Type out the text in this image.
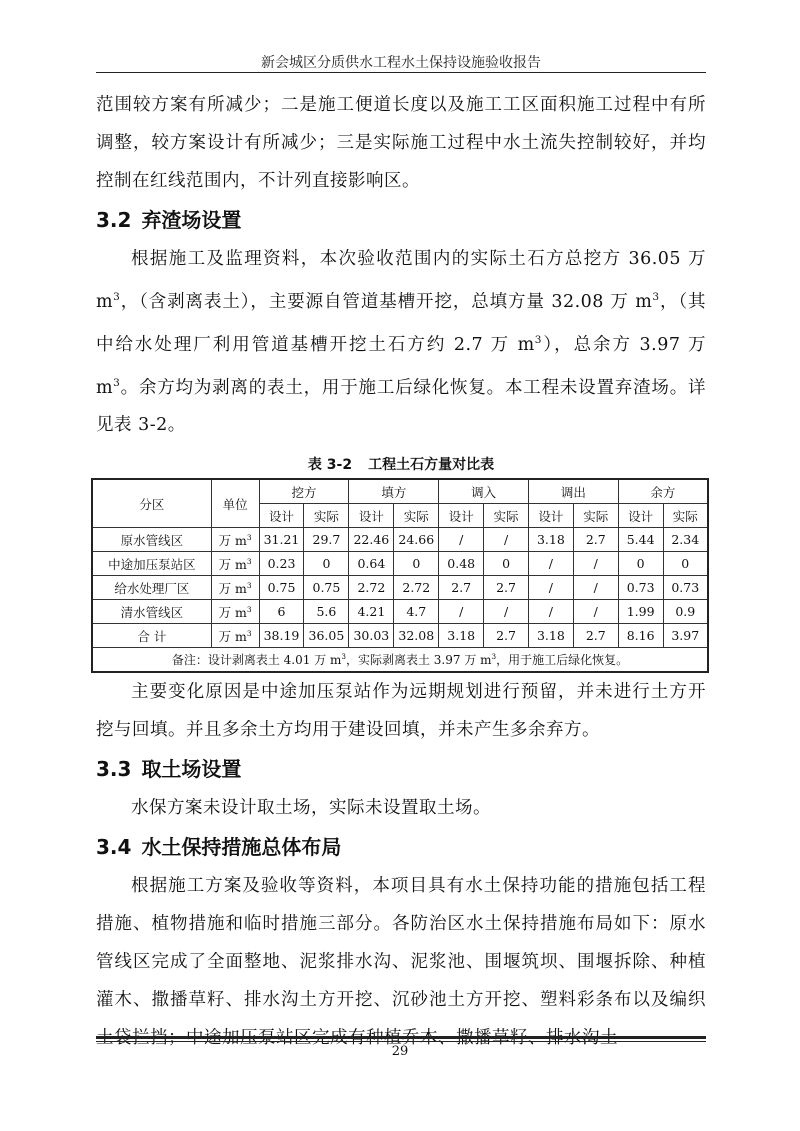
新会城区分质供水工程水土保持设施验收报告

范围较方案有所减少；二是施工便道长度以及施工工区面积施工过程中有所调整，较方案设计有所减少；三是实际施工过程中水土流失控制较好，并均控制在红线范围内，不计列直接影响区。

3.2 弃渣场设置

根据施工及监理资料，本次验收范围内的实际土石方总挖方 36.05 万 $m^3$，（含剥离表土），主要源自管道基槽开挖，总填方量 32.08 万 $m^3$，（其中给水处理厂利用管道基槽开挖土石方约 2.7 万 $m^3$），总余方 3.97 万 $m^3$。余方均为剥离的表土，用于施工后绿化恢复。本工程未设置弃渣场。详见表 3-2。

表 3-2 工程土石方量对比表
分区	单位	挖方		填方		调入		调出		余方	
		设计	实际	设计	实际	设计	实际	设计	实际	设计	实际
原水管线区	万 $m^3$	31.21	29.7	22.46	24.66	/	/	3.18	2.7	5.44	2.34
中途加压泵站区	万 $m^3$	0.23	0	0.64	0	0.48	0	/	/	0	0
给水处理厂区	万 $m^3$	0.75	0.75	2.72	2.72	2.7	2.7	/	/	0.73	0.73
清水管线区	万 $m^3$	6	5.6	4.21	4.7	/	/	/	/	1.99	0.9
合 计	万 $m^3$	38.19	36.05	30.03	32.08	3.18	2.7	3.18	2.7	8.16	3.97
备注：设计剥离表土 4.01 万 $m^3$，实际剥离表土 3.97 万 $m^3$，用于施工后绿化恢复。											

主要变化原因是中途加压泵站作为远期规划进行预留，并未进行土方开挖与回填。并且多余土方均用于建设回填，并未产生多余弃方。

3.3 取土场设置

水保方案未设计取土场，实际未设置取土场。

3.4 水土保持措施总体布局

根据施工方案及验收等资料，本项目具有水土保持功能的措施包括工程措施、植物措施和临时措施三部分。各防治区水土保持措施布局如下：原水管线区完成了全面整地、泥浆排水沟、泥浆池、围堰筑坝、围堰拆除、种植灌木、撒播草籽、排水沟土方开挖、沉砂池土方开挖、塑料彩条布以及编织土袋拦挡；中途加压泵站区完成有种植乔木、撒播草籽、排水沟土

29
